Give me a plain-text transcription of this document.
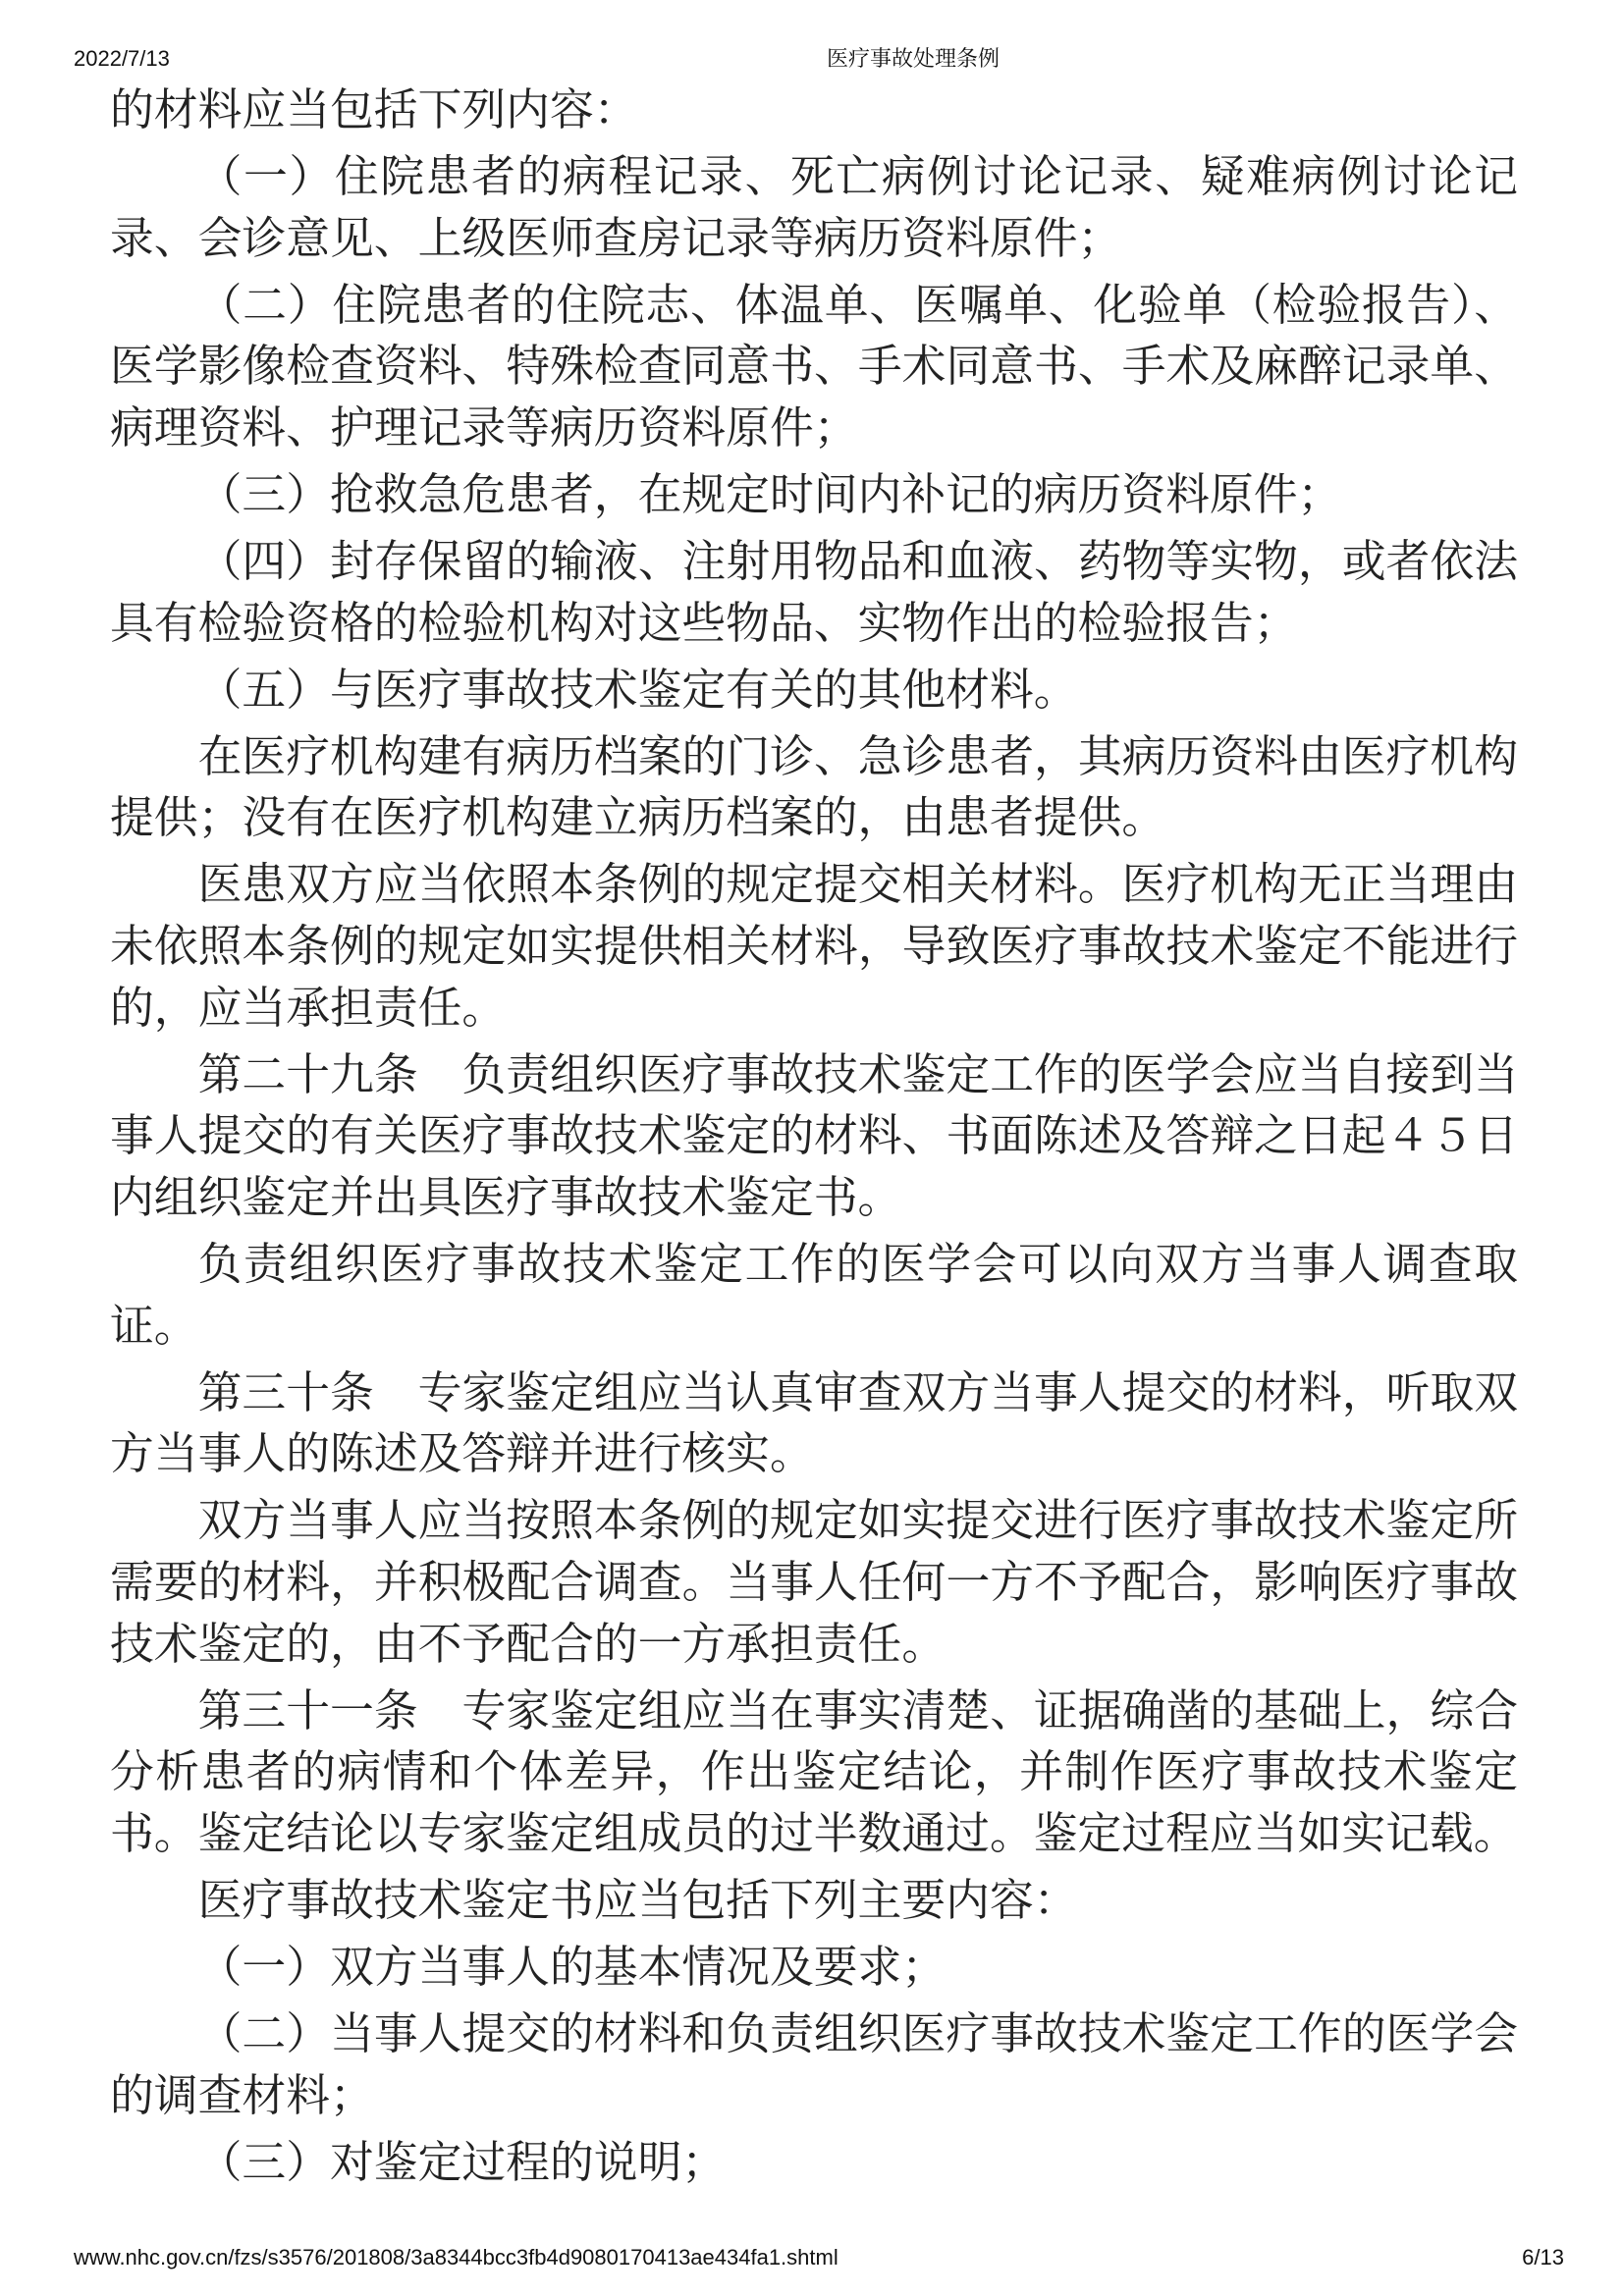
2022/7/13	医疗事故处理条例
的材料应当包括下列内容：
（一）住院患者的病程记录、死亡病例讨论记录、疑难病例讨论记
录、会诊意见、上级医师查房记录等病历资料原件；
（二）住院患者的住院志、体温单、医嘱单、化验单（检验报告）、
医学影像检查资料、特殊检查同意书、手术同意书、手术及麻醉记录单、
病理资料、护理记录等病历资料原件；
（三）抢救急危患者，在规定时间内补记的病历资料原件；
（四）封存保留的输液、注射用物品和血液、药物等实物，或者依法
具有检验资格的检验机构对这些物品、实物作出的检验报告；
（五）与医疗事故技术鉴定有关的其他材料。
在医疗机构建有病历档案的门诊、急诊患者，其病历资料由医疗机构
提供；没有在医疗机构建立病历档案的，由患者提供。
医患双方应当依照本条例的规定提交相关材料。医疗机构无正当理由
未依照本条例的规定如实提供相关材料，导致医疗事故技术鉴定不能进行
的，应当承担责任。
第二十九条　负责组织医疗事故技术鉴定工作的医学会应当自接到当
事人提交的有关医疗事故技术鉴定的材料、书面陈述及答辩之日起４５日
内组织鉴定并出具医疗事故技术鉴定书。
负责组织医疗事故技术鉴定工作的医学会可以向双方当事人调查取
证。
第三十条　专家鉴定组应当认真审查双方当事人提交的材料，听取双
方当事人的陈述及答辩并进行核实。
双方当事人应当按照本条例的规定如实提交进行医疗事故技术鉴定所
需要的材料，并积极配合调查。当事人任何一方不予配合，影响医疗事故
技术鉴定的，由不予配合的一方承担责任。
第三十一条　专家鉴定组应当在事实清楚、证据确凿的基础上，综合
分析患者的病情和个体差异，作出鉴定结论，并制作医疗事故技术鉴定
书。鉴定结论以专家鉴定组成员的过半数通过。鉴定过程应当如实记载。
医疗事故技术鉴定书应当包括下列主要内容：
（一）双方当事人的基本情况及要求；
（二）当事人提交的材料和负责组织医疗事故技术鉴定工作的医学会
的调查材料；
（三）对鉴定过程的说明；
www.nhc.gov.cn/fzs/s3576/201808/3a8344bcc3fb4d9080170413ae434fa1.shtml	6/13
